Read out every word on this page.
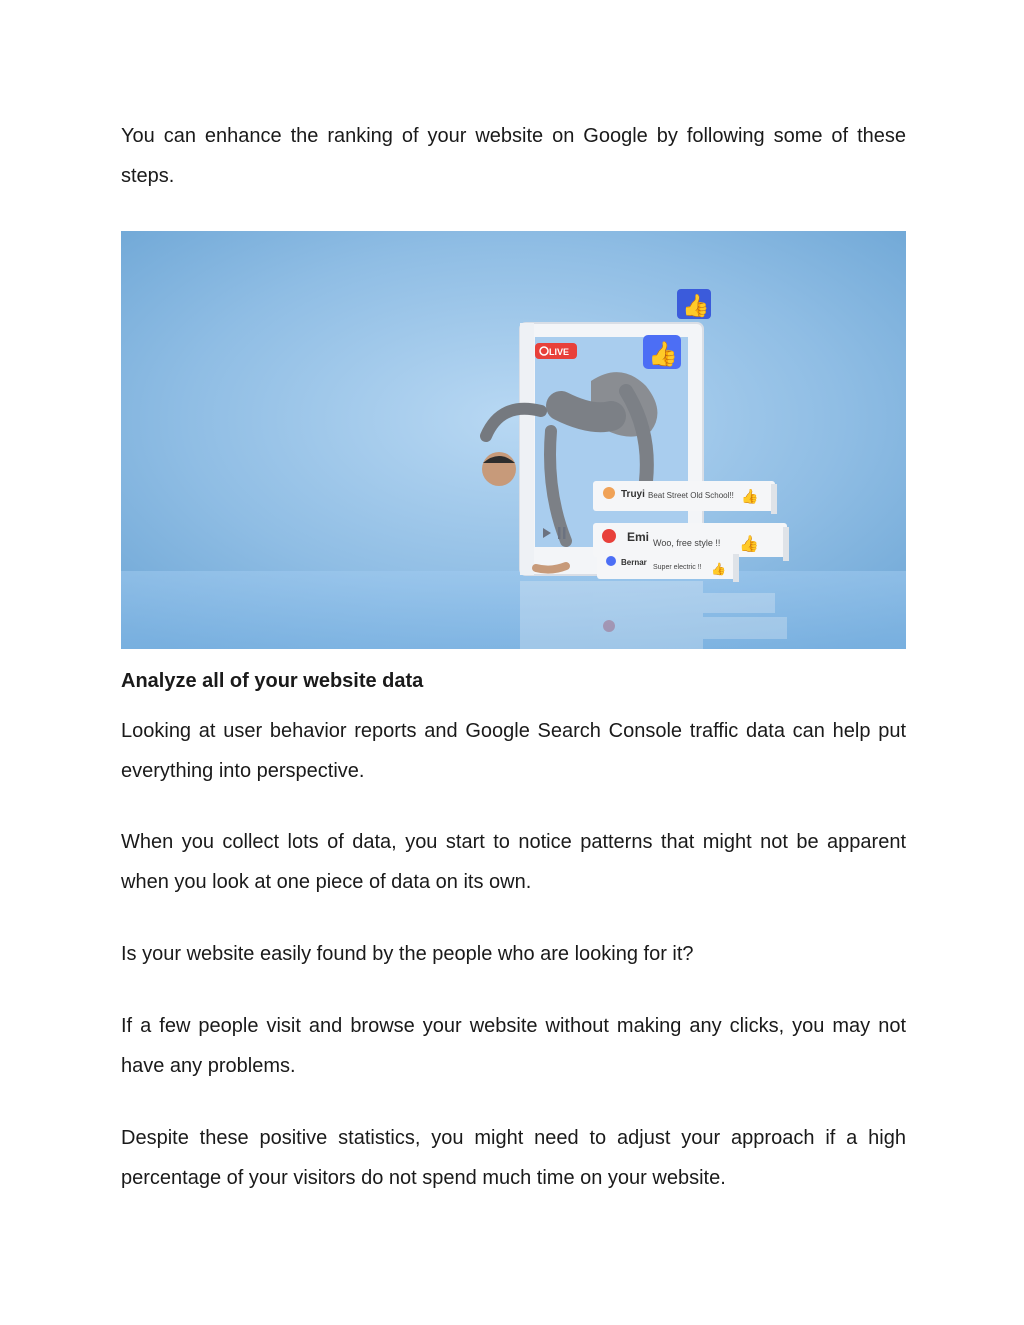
You can enhance the ranking of your website on Google by following some of these steps.

LIVE
👍
👍
Truyi Beat Street Old School!! 👍
Emi Woo, free style !! 👍
Bernar
Super electric !! 👍
Analyze all of your website data

Looking at user behavior reports and Google Search Console traffic data can help put everything into perspective.

When you collect lots of data, you start to notice patterns that might not be apparent when you look at one piece of data on its own.

Is your website easily found by the people who are looking for it?

If a few people visit and browse your website without making any clicks, you may not have any problems.

Despite these positive statistics, you might need to adjust your approach if a high percentage of your visitors do not spend much time on your website.
